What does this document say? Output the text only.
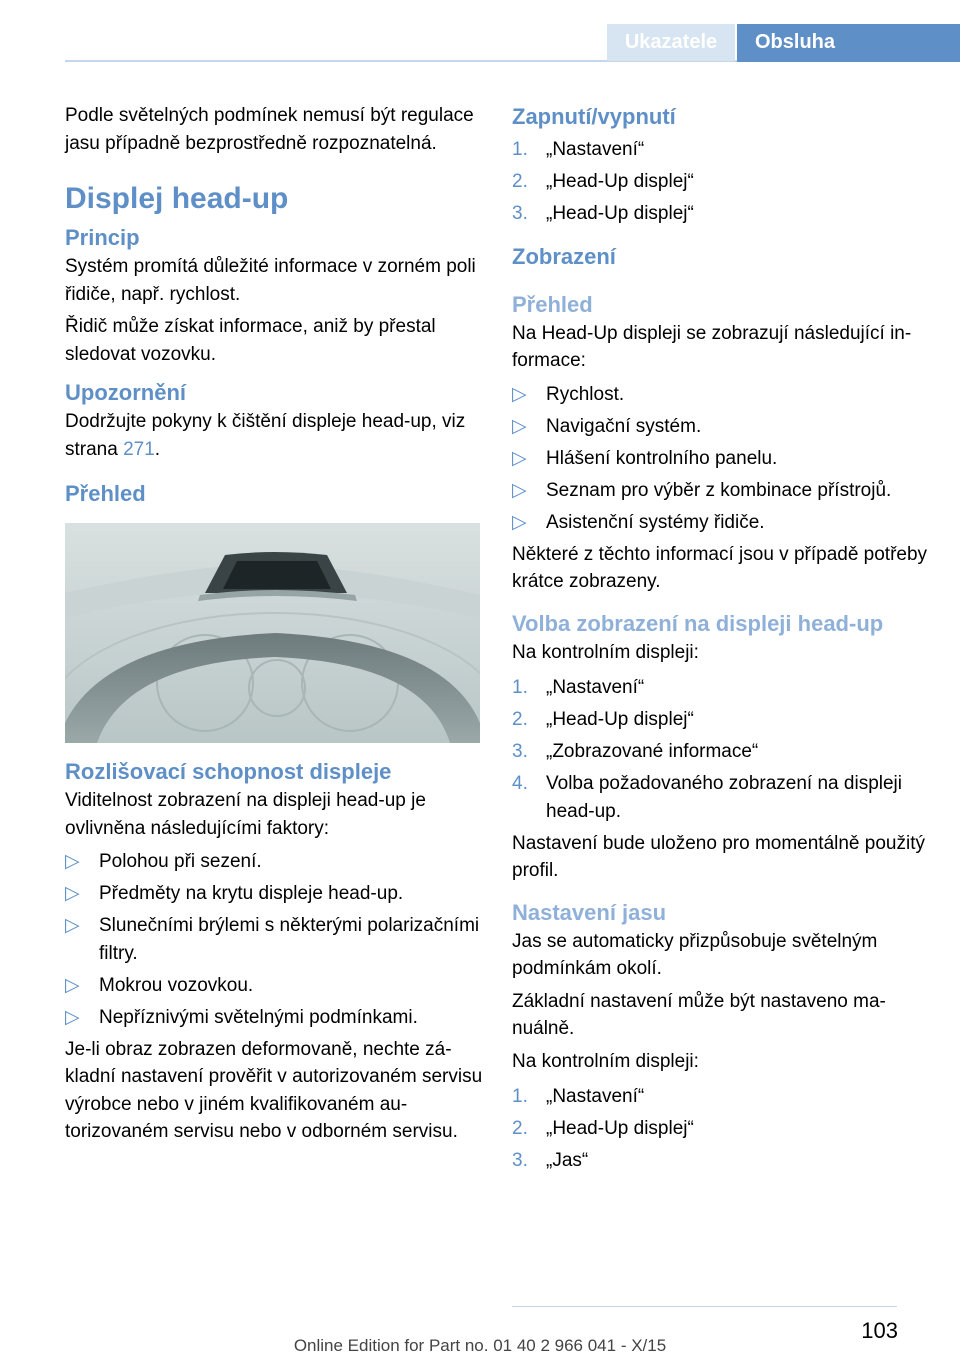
Ukazatele	Obsluha

Podle světelných podmínek nemusí být regulace jasu případně bezprostředně rozpoznatelná.

Displej head-up
Princip

Systém promítá důležité informace v zorném poli řidiče, např. rychlost.

Řidič může získat informace, aniž by přestal sledovat vozovku.

Upozornění

Dodržujte pokyny k čištění displeje head-up, viz strana 271.

Přehled
Rozlišovací schopnost displeje

Viditelnost zobrazení na displeji head-up je ovlivněna následujícími faktory:

▷ Polohou při sezení.
▷ Předměty na krytu displeje head-up.
▷ Slunečními brýlemi s některými polarizačními filtry.
▷ Mokrou vozovkou.
▷ Nepříznivými světelnými podmínkami.

Je-li obraz zobrazen deformovaně, nechte základní nastavení prověřit v autorizovaném servisu výrobce nebo v jiném kvalifikovaném autorizovaném servisu nebo v odborném servisu.

Zapnutí/vypnutí
1. „Nastavení“
2. „Head-Up displej“
3. „Head-Up displej“
Zobrazení
Přehled

Na Head-Up displeji se zobrazují následující informace:

▷ Rychlost.
▷ Navigační systém.
▷ Hlášení kontrolního panelu.
▷ Seznam pro výběr z kombinace přístrojů.
▷ Asistenční systémy řidiče.

Některé z těchto informací jsou v případě potřeby krátce zobrazeny.

Volba zobrazení na displeji head-up

Na kontrolním displeji:

1. „Nastavení“
2. „Head-Up displej“
3. „Zobrazované informace“
4. Volba požadovaného zobrazení na displeji head-up.

Nastavení bude uloženo pro momentálně použitý profil.

Nastavení jasu

Jas se automaticky přizpůsobuje světelným podmínkám okolí.

Základní nastavení může být nastaveno manuálně.

Na kontrolním displeji:

1. „Nastavení“
2. „Head-Up displej“
3. „Jas“
103
Online Edition for Part no. 01 40 2 966 041 - X/15
